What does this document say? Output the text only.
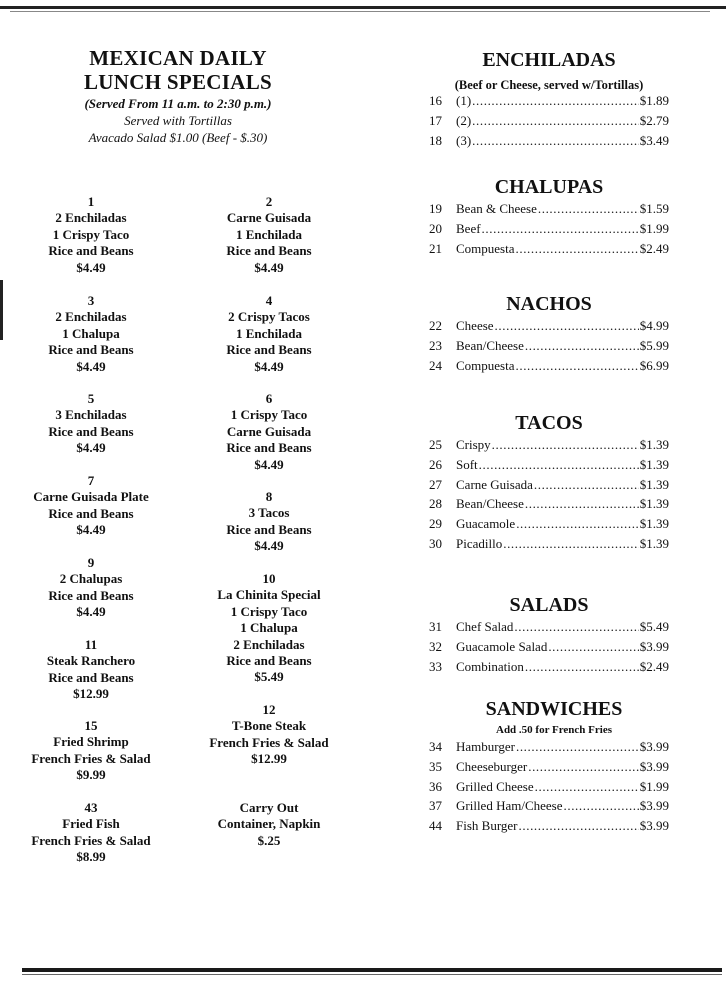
MEXICAN DAILY
LUNCH SPECIALS
(Served From 11 a.m. to 2:30 p.m.)
Served with Tortillas
Avacado Salad $1.00 (Beef - $.30)
1
2 Enchiladas
1 Crispy Taco
Rice and Beans
$4.49
2
Carne Guisada
1 Enchilada
Rice and Beans
$4.49
3
2 Enchiladas
1 Chalupa
Rice and Beans
$4.49
4
2 Crispy Tacos
1 Enchilada
Rice and Beans
$4.49
5
3 Enchiladas
Rice and Beans
$4.49
6
1 Crispy Taco
Carne Guisada
Rice and Beans
$4.49
7
Carne Guisada Plate
Rice and Beans
$4.49
8
3 Tacos
Rice and Beans
$4.49
9
2 Chalupas
Rice and Beans
$4.49
10
La Chinita Special
1 Crispy Taco
1 Chalupa
2 Enchiladas
Rice and Beans
$5.49
11
Steak Ranchero
Rice and Beans
$12.99
12
T-Bone Steak
French Fries & Salad
$12.99
15
Fried Shrimp
French Fries & Salad
$9.99
43
Fried Fish
French Fries & Salad
$8.99
Carry Out
Container, Napkin
$.25
ENCHILADAS
(Beef or Cheese, served w/Tortillas)
16	(1) .....	$1.89
17	(2) .....	$2.79
18	(3) .....	$3.49
CHALUPAS
19	Bean & Cheese .....	$1.59
20	Beef .....	$1.99
21	Compuesta .....	$2.49
NACHOS
22	Cheese .....	$4.99
23	Bean/Cheese .....	$5.99
24	Compuesta .....	$6.99
TACOS
25	Crispy .....	$1.39
26	Soft .....	$1.39
27	Carne Guisada .....	$1.39
28	Bean/Cheese .....	$1.39
29	Guacamole .....	$1.39
30	Picadillo .....	$1.39
SALADS
31	Chef Salad .....	$5.49
32	Guacamole Salad .....	$3.99
33	Combination .....	$2.49
SANDWICHES
Add .50 for French Fries
34	Hamburger .....	$3.99
35	Cheeseburger .....	$3.99
36	Grilled Cheese .....	$1.99
37	Grilled Ham/Cheese .....	$3.99
44	Fish Burger .....	$3.99
